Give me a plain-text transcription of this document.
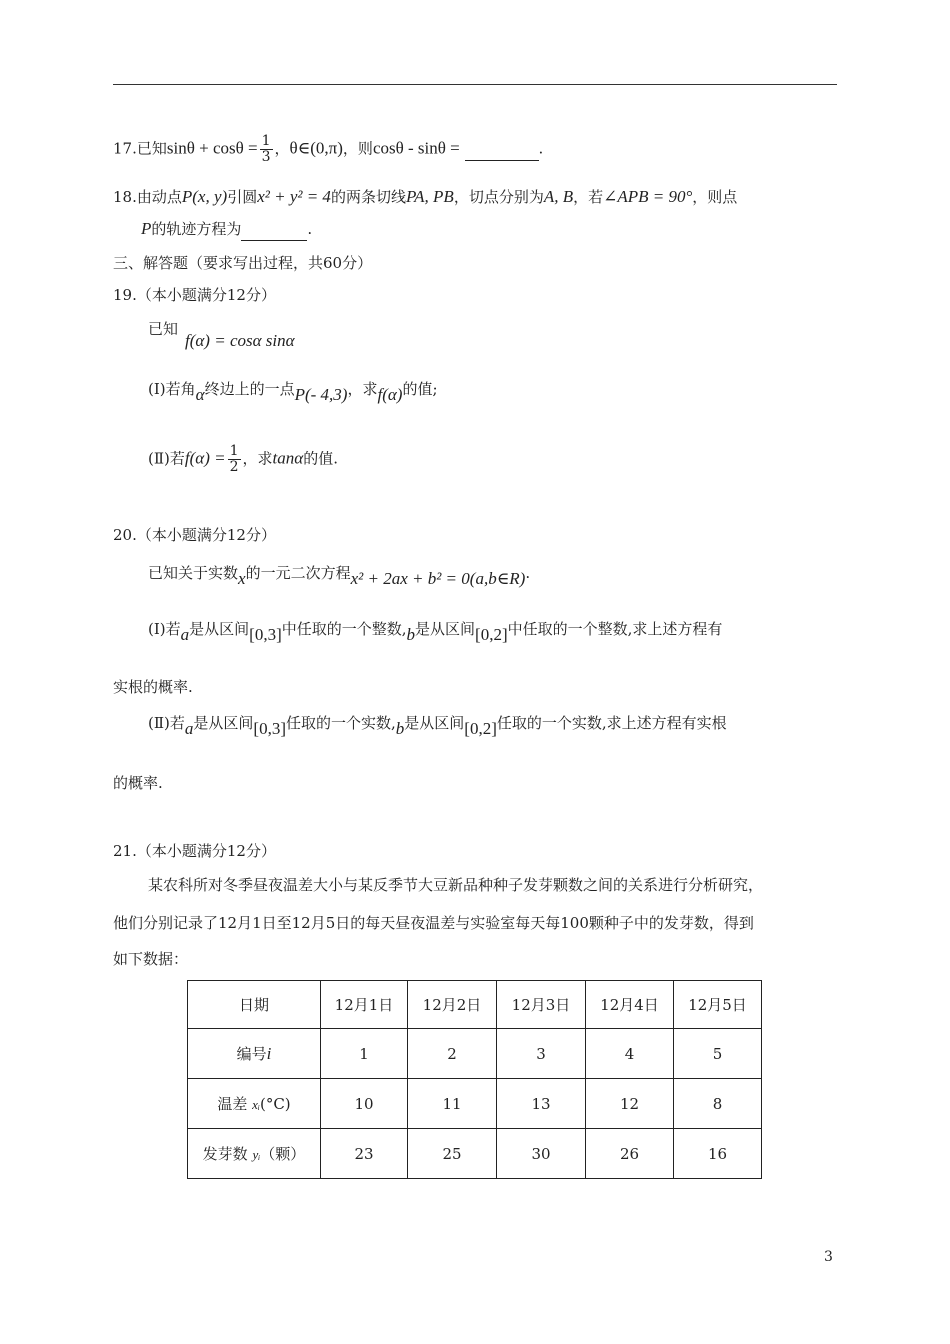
17.已知$\sin\theta + \cos\theta = \frac{1}{3}$ ，θ∈(0,π)，则cosθ - sinθ =	.
18.由动点P(x, y)引圆x² + y² = 4的两条切线PA, PB，切点分别为A, B，若∠APB = 90°，则点
P的轨迹方程为	.
三、解答题（要求写出过程，共60分）
19.（本小题满分12分）
已知
f(α) = cosα sinα
(Ⅰ)若角α终边上的一点P(- 4,3)，求f(α)的值;
(Ⅱ)若$f(\alpha) = \frac{1}{2}$ ，求tanα的值.
20.（本小题满分12分）
已知关于实数x的一元二次方程x² + 2ax + b² = 0(a,b∈R).
(Ⅰ)若a是从区间[0,3]中任取的一个整数,b是从区间[0,2]中任取的一个整数,求上述方程有
实根的概率.
(Ⅱ)若a是从区间[0,3]任取的一个实数,b是从区间[0,2]任取的一个实数,求上述方程有实根
的概率.
21.（本小题满分12分）
某农科所对冬季昼夜温差大小与某反季节大豆新品种种子发芽颗数之间的关系进行分析研究，
他们分别记录了12月1日至12月5日的每天昼夜温差与实验室每天每100颗种子中的发芽数，得到
如下数据：
日期	12月1日	12月2日	12月3日	12月4日	12月5日
编号i	1	2	3	4	5
温差 xᵢ(°C)	10	11	13	12	8
发芽数 yᵢ（颗）	23	25	30	26	16
3
